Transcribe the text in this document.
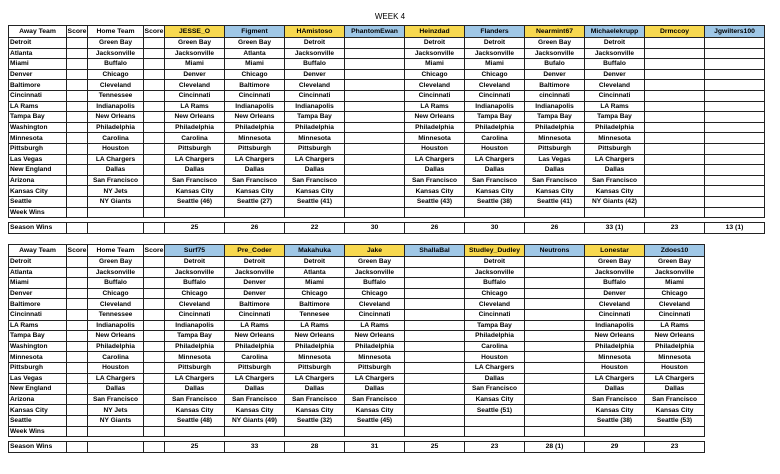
WEEK 4
Away Team	Score	Home Team	Score	JESSE_O	Figment	HAmistoso	PhantomEwan	Heinzdad	Flanders	Nearmint67	Michaelekrupp	Drmccoy	Jgwilters100
Detroit		Green Bay		Green Bay	Green Bay	Detroit		Detroit	Detroit	Green Bay	Detroit		
Atlanta		Jacksonville		Jacksonville	Atlanta	Jacksonville		Jacksonville	Jacksonville	Jacksonville	Jacksonville		
Miami		Buffalo		Miami	Miami	Buffalo		Miami	Miami	Bufalo	Buffalo		
Denver		Chicago		Denver	Chicago	Denver		Chicago	Chicago	Denver	Denver		
Baltimore		Cleveland		Cleveland	Baltimore	Cleveland		Cleveland	Cleveland	Baltimore	Cleveland		
Cincinnati		Tennessee		Cincinnati	Cincinnati	Cincinnati		Cincinnati	Cincinnati	cincinnati	Cincinnati		
LA Rams		Indianapolis		LA Rams	Indianapolis	Indianapolis		LA Rams	Indianapolis	Indianapolis	LA Rams		
Tampa Bay		New Orleans		New Orleans	New Orleans	Tampa Bay		New Orleans	Tampa Bay	Tampa Bay	Tampa Bay		
Washington		Philadelphia		Philadelphia	Philadelphia	Philadelphia		Philadelphia	Philadelphia	Philadelphia	Philadelphia		
Minnesota		Carolina		Carolina	Minnesota	Minnesota		Minnesota	Carolina	Minnesota	Minnesota		
Pittsburgh		Houston		Pittsburgh	Pittsburgh	Pittsburgh		Houston	Houston	Pittsburgh	Pittsburgh		
Las Vegas		LA Chargers		LA Chargers	LA Chargers	LA Chargers		LA Chargers	LA Chargers	Las Vegas	LA Chargers		
New England		Dallas		Dallas	Dallas	Dallas		Dallas	Dallas	Dallas	Dallas		
Arizona		San Francisco		San Francisco	San Francisco	San Francisco		San Francisco	San Francisco	San Francisco	San Francisco		
Kansas City		NY Jets		Kansas City	Kansas City	Kansas City		Kansas City	Kansas City	Kansas City	Kansas City		
Seattle		NY Giants		Seattle (46)	Seattle (27)	Seattle (41)		Seattle (43)	Seattle (38)	Seattle (41)	NY Giants (42)		
Week Wins													

Season Wins				25	26	22	30	26	30	26	33 (1)	23	13 (1)
Away Team	Score	Home Team	Score	Surf75	Pre_Coder	Makahuka	Jake	ShallaBal	Studley_Dudley	Neutrons	Lonestar	Zdoes10
Detroit		Green Bay		Detroit	Detroit	Detroit	Green Bay		Detroit		Green Bay	Green Bay
Atlanta		Jacksonville		Jacksonville	Jacksonville	Atlanta	Jacksonville		Jacksonville		Jacksonville	Jacksonville
Miami		Buffalo		Buffalo	Denver	Miami	Buffalo		Buffalo		Buffalo	Miami
Denver		Chicago		Chicago	Denver	Chicago	Chicago		Chicago		Denver	Chicago
Baltimore		Cleveland		Cleveland	Baltimore	Baltimore	Cleveland		Cleveland		Cleveland	Cleveland
Cincinnati		Tennessee		Cincinnati	Cincinnati	Tennesee	Cincinnati		Cincinnati		Cincinnati	Cincinnati
LA Rams		Indianapolis		Indianapolis	LA Rams	LA Rams	LA Rams		Tampa Bay		Indianapolis	LA Rams
Tampa Bay		New Orleans		Tampa Bay	New Orleans	New Orleans	New Orleans		Philadelphia		New Orleans	New Orleans
Washington		Philadelphia		Philadelphia	Philadelphia	Philadelphia	Philadelphia		Carolina		Philadelphia	Philadelphia
Minnesota		Carolina		Minnesota	Carolina	Minnesota	Minnesota		Houston		Minnesota	Minnesota
Pittsburgh		Houston		Pittsburgh	Pittsburgh	Pittsburgh	Pittsburgh		LA Chargers		Houston	Houston
Las Vegas		LA Chargers		LA Chargers	LA Chargers	LA Chargers	LA Chargers		Dallas		LA Chargers	LA Chargers
New England		Dallas		Dallas	Dallas	Dallas	Dallas		San Francisco		Dallas	Dallas
Arizona		San Francisco		San Francisco	San Francisco	San Francisco	San Francisco		Kansas City		San Francisco	San Francisco
Kansas City		NY Jets		Kansas City	Kansas City	Kansas City	Kansas City		Seattle (51)		Kansas City	Kansas City
Seattle		NY Giants		Seattle (48)	NY Giants (49)	Seattle (32)	Seattle (45)				Seattle (38)	Seattle (53)
Week Wins												

Season Wins				25	33	28	31	25	23	28 (1)	29	23
